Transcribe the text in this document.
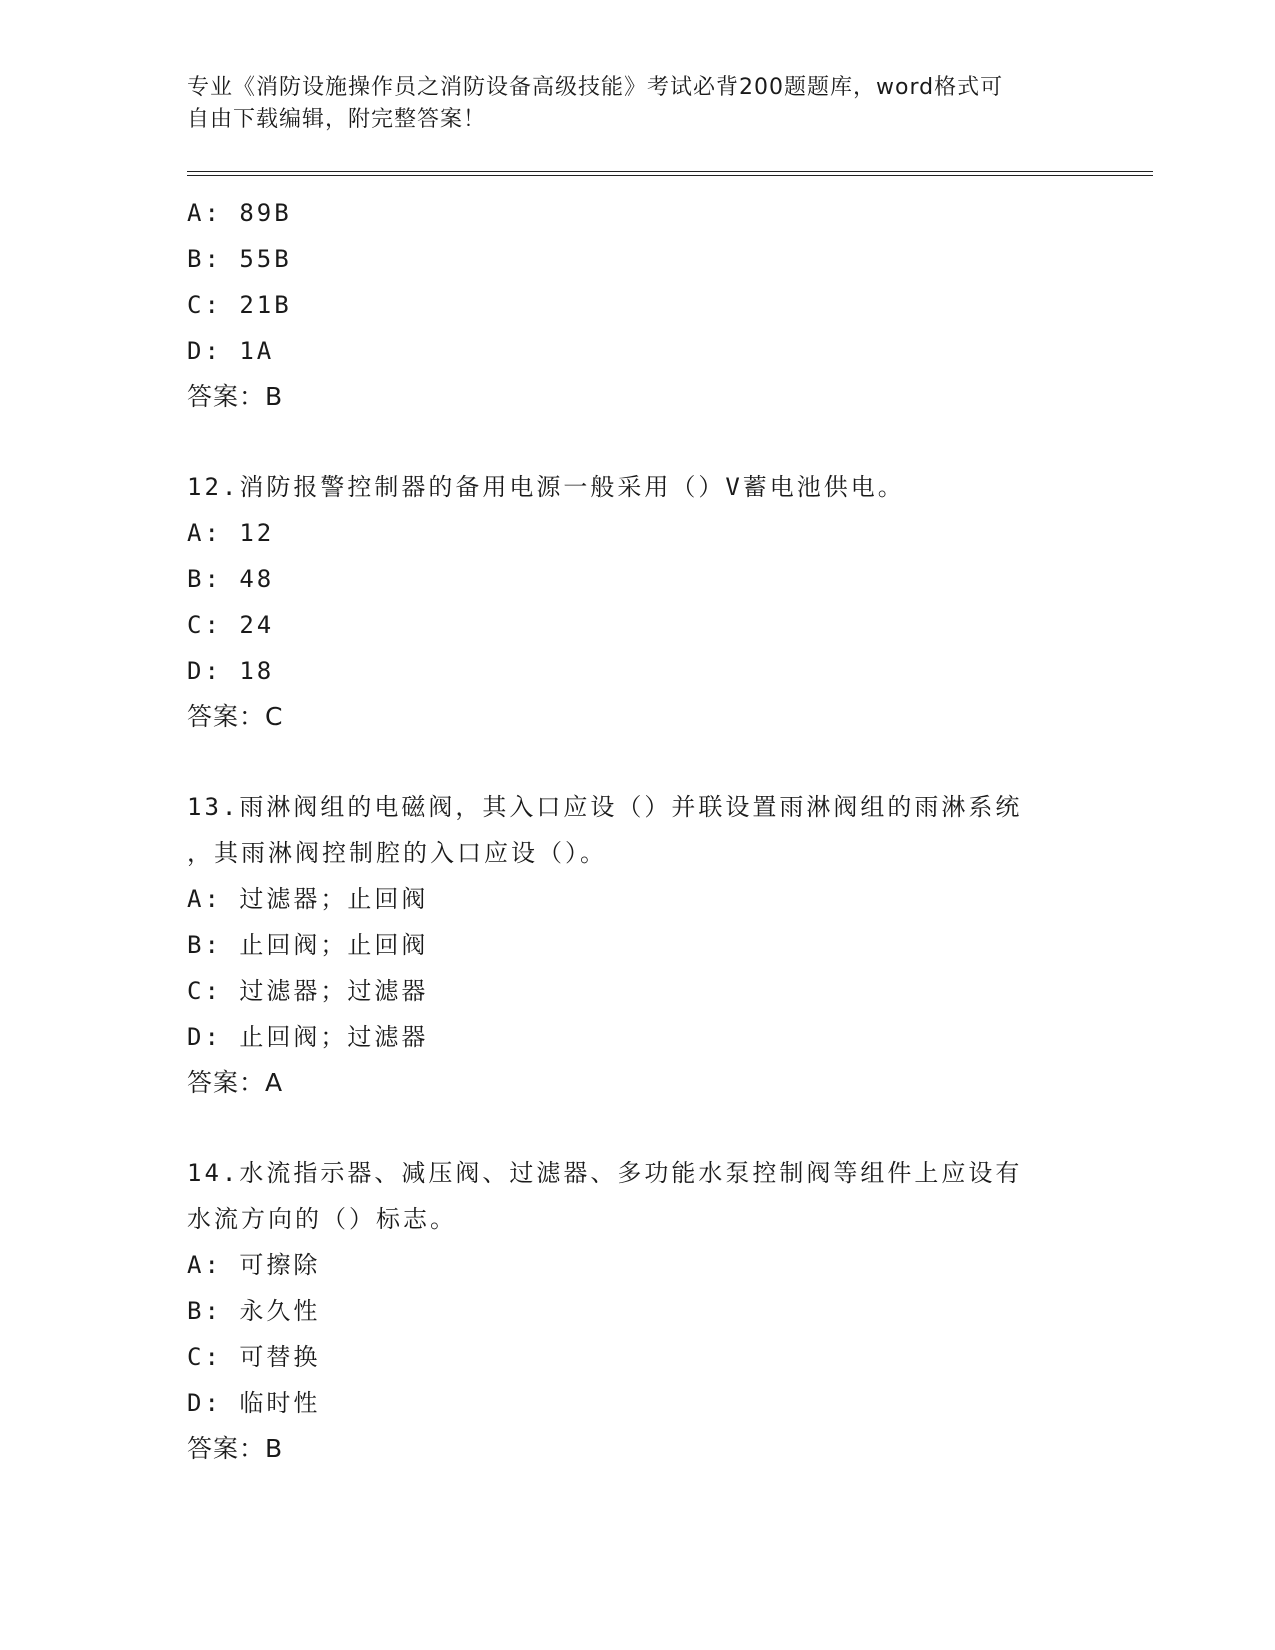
专业《消防设施操作员之消防设备高级技能》考试必背200题题库，word格式可
自由下载编辑，附完整答案！
A: 89B
B: 55B
C: 21B
D: 1A
答案：B
12.消防报警控制器的备用电源一般采用（）V蓄电池供电。
A: 12
B: 48
C: 24
D: 18
答案：C
13.雨淋阀组的电磁阀，其入口应设（）并联设置雨淋阀组的雨淋系统
，其雨淋阀控制腔的入口应设（）。
A: 过滤器；止回阀
B: 止回阀；止回阀
C: 过滤器；过滤器
D: 止回阀；过滤器
答案：A
14.水流指示器、减压阀、过滤器、多功能水泵控制阀等组件上应设有
水流方向的（）标志。
A: 可擦除
B: 永久性
C: 可替换
D: 临时性
答案：B
